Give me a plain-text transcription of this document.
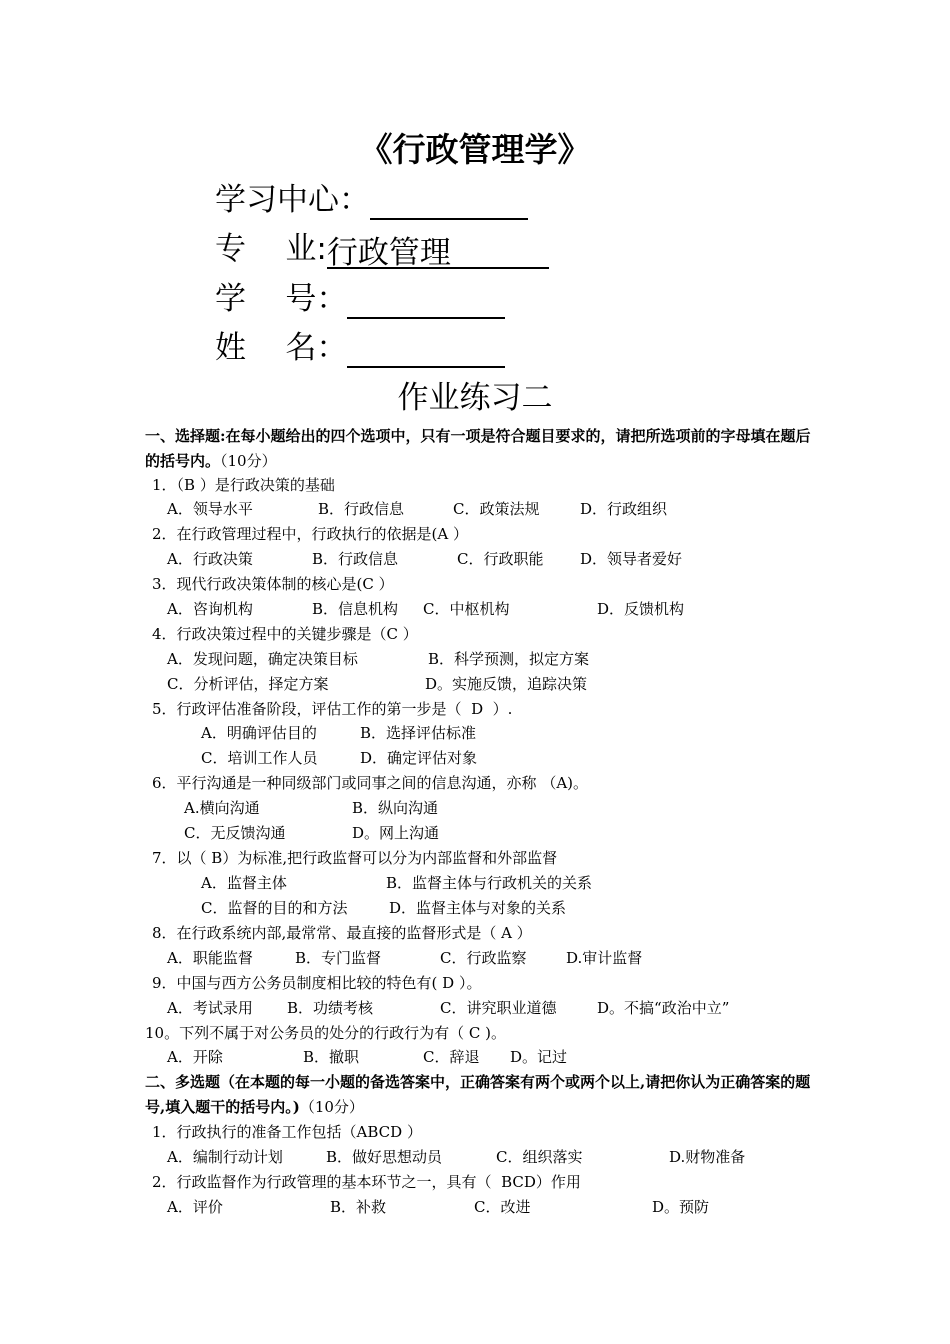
《行政管理学》
学习中心：
专    业:行政管理
学    号：
姓    名：
作业练习二
一、选择题:在每小题给出的四个选项中，只有一项是符合题目要求的，请把所选项前的字母填在题后的括号内。（10分）
1．（B ）是行政决策的基础
A．领导水平	B．行政信息	C．政策法规	D．行政组织
2．在行政管理过程中，行政执行的依据是(A ）
A．行政决策	B．行政信息	C．行政职能 D．领导者爱好
3．现代行政决策体制的核心是(C ）
A．咨询机构	B．信息机构 C．中枢机构	D．反馈机构
4．行政决策过程中的关键步骤是（C ）
A．发现问题，确定决策目标	B．科学预测，拟定方案
C．分析评估，择定方案	D。实施反馈，追踪决策
5．行政评估准备阶段，评估工作的第一步是（  D  ）.
A．明确评估目的	B．选择评估标准
C．培训工作人员	D．确定评估对象
6．平行沟通是一种同级部门或同事之间的信息沟通，亦称 （A)。
A.横向沟通	B．纵向沟通
C．无反馈沟通	D。网上沟通
7．以（ B）为标准,把行政监督可以分为内部监督和外部监督
A．监督主体	B．监督主体与行政机关的关系
C．监督的目的和方法	D．监督主体与对象的关系
8．在行政系统内部,最常常、最直接的监督形式是（ A ）
A．职能监督	B．专门监督	C．行政监察	D.审计监督
9．中国与西方公务员制度相比较的特色有( D ）。
A．考试录用 B．功绩考核	C．讲究职业道德	D。不搞“政治中立”
10。下列不属于对公务员的处分的行政行为有（ C )。
A．开除	B．撤职	C．辞退 D。记过
二、多选题（在本题的每一小题的备选答案中，正确答案有两个或两个以上,请把你认为正确答案的题号,填入题干的括号内。)（10分）
1．行政执行的准备工作包括（ABCD ）
A．编制行动计划	B．做好思想动员	C．组织落实	D.财物准备
2．行政监督作为行政管理的基本环节之一，具有（  BCD）作用
A．评价	B．补救	C．改进	D。预防
